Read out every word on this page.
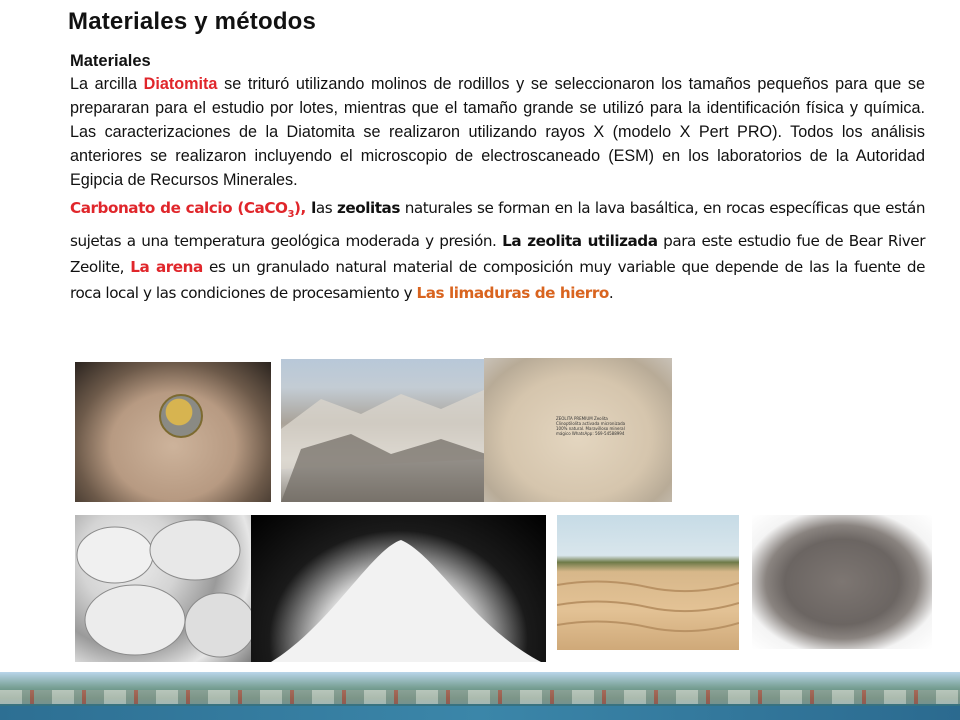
Materiales y métodos
Materiales

La arcilla Diatomita se trituró utilizando molinos de rodillos y se seleccionaron los tamaños pequeños para que se prepararan para el estudio por lotes, mientras que el tamaño grande se utilizó para la identificación física y química. Las caracterizaciones de la Diatomita se realizaron utilizando rayos X (modelo X Pert PRO). Todos los análisis anteriores se realizaron incluyendo el microscopio de electroscaneado (ESM) en los laboratorios de la Autoridad Egipcia de Recursos Minerales.

Carbonato de calcio (CaCO$_3$), las zeolitas naturales se forman en la lava basáltica, en rocas específicas que están sujetas a una temperatura geológica moderada y presión. La zeolita utilizada para este estudio fue de Bear River Zeolite, La arena es un granulado natural material de composición muy variable que depende de las la fuente de roca local y las condiciones de procesamiento y Las limaduras de hierro.

ZEOLITA PREMIUM Zeolita Clinoptilolita activada micronizada 100% natural. Maravilloso mineral mágico WhatsApp: 569-54588994
